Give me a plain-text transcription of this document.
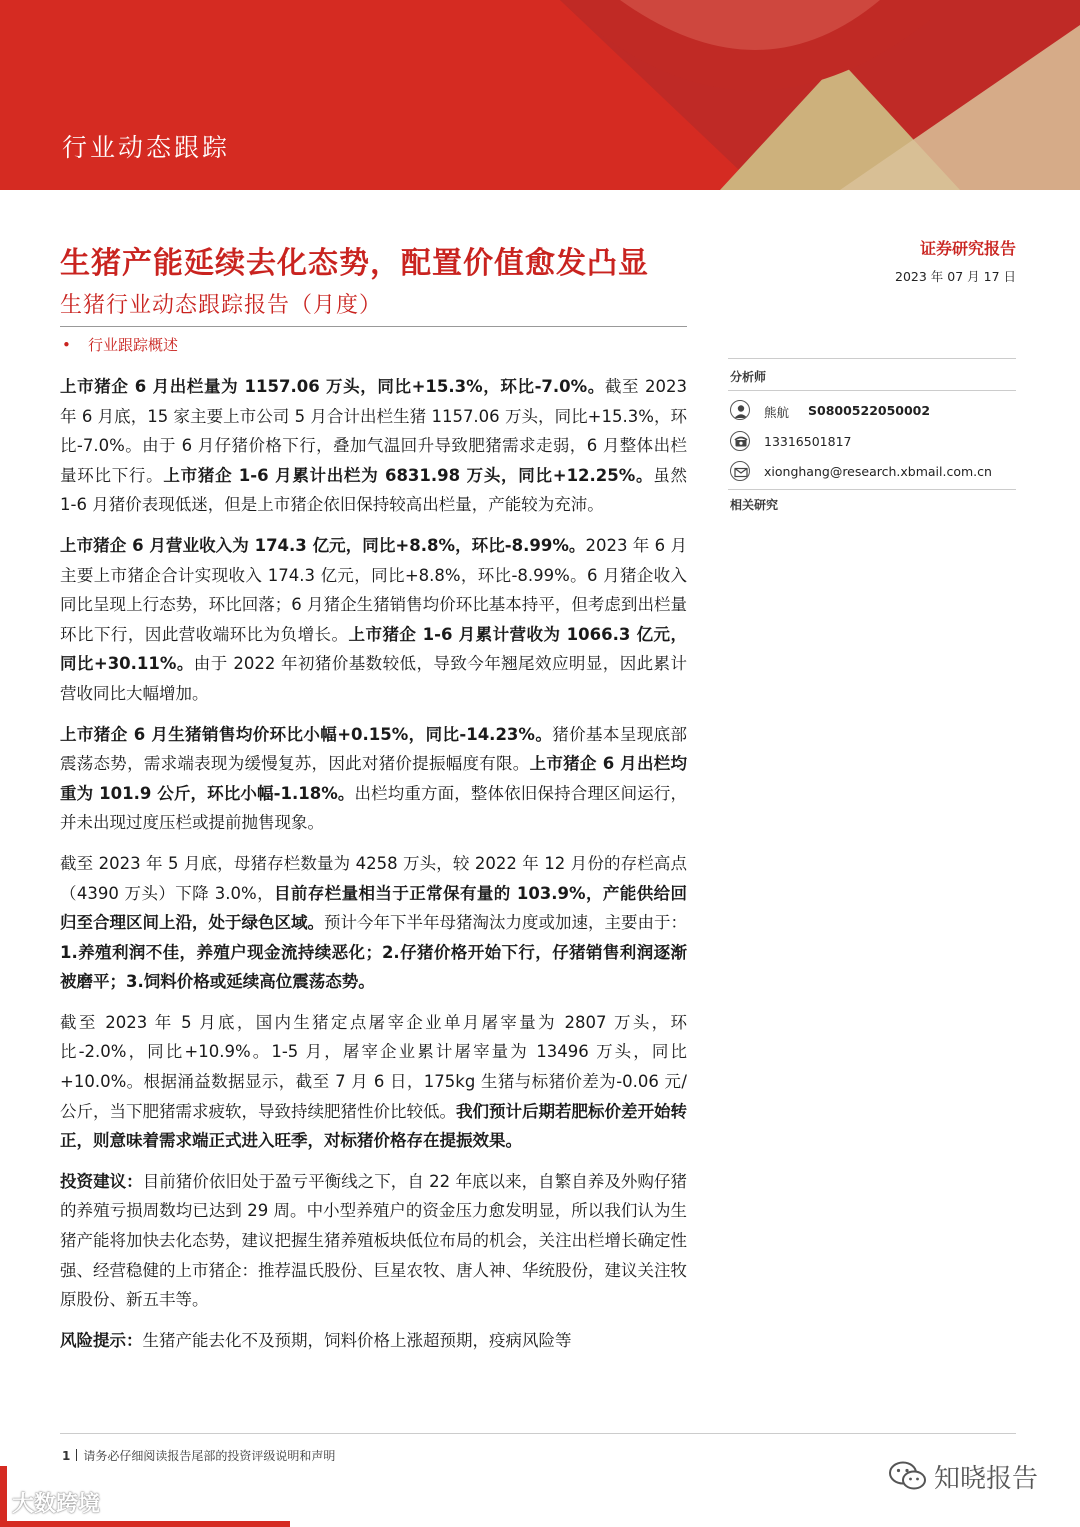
行业动态跟踪
生猪产能延续去化态势，配置价值愈发凸显
生猪行业动态跟踪报告（月度）
• 行业跟踪概述
证券研究报告
2023 年 07 月 17 日

上市猪企 6 月出栏量为 1157.06 万头，同比+15.3%，环比-7.0%。截至 2023 年 6 月底，15 家主要上市公司 5 月合计出栏生猪 1157.06 万头，同比+15.3%，环比-7.0%。由于 6 月仔猪价格下行，叠加气温回升导致肥猪需求走弱，6 月整体出栏量环比下行。上市猪企 1-6 月累计出栏为 6831.98 万头，同比+12.25%。虽然 1-6 月猪价表现低迷，但是上市猪企依旧保持较高出栏量，产能较为充沛。

上市猪企 6 月营业收入为 174.3 亿元，同比+8.8%，环比-8.99%。2023 年 6 月主要上市猪企合计实现收入 174.3 亿元，同比+8.8%，环比-8.99%。6 月猪企收入同比呈现上行态势，环比回落；6 月猪企生猪销售均价环比基本持平，但考虑到出栏量环比下行，因此营收端环比为负增长。上市猪企 1-6 月累计营收为 1066.3 亿元，同比+30.11%。由于 2022 年初猪价基数较低，导致今年翘尾效应明显，因此累计营收同比大幅增加。

上市猪企 6 月生猪销售均价环比小幅+0.15%，同比-14.23%。猪价基本呈现底部震荡态势，需求端表现为缓慢复苏，因此对猪价提振幅度有限。上市猪企 6 月出栏均重为 101.9 公斤，环比小幅-1.18%。出栏均重方面，整体依旧保持合理区间运行，并未出现过度压栏或提前抛售现象。

截至 2023 年 5 月底，母猪存栏数量为 4258 万头，较 2022 年 12 月份的存栏高点（4390 万头）下降 3.0%，目前存栏量相当于正常保有量的 103.9%，产能供给回归至合理区间上沿，处于绿色区域。预计今年下半年母猪淘汰力度或加速，主要由于：1.养殖利润不佳，养殖户现金流持续恶化；2.仔猪价格开始下行，仔猪销售利润逐渐被磨平；3.饲料价格或延续高位震荡态势。

截至 2023 年 5 月底，国内生猪定点屠宰企业单月屠宰量为 2807 万头，环比-2.0%，同比+10.9%。1-5 月，屠宰企业累计屠宰量为 13496 万头，同比+10.0%。根据涌益数据显示，截至 7 月 6 日，175kg 生猪与标猪价差为-0.06 元/公斤，当下肥猪需求疲软，导致持续肥猪性价比较低。我们预计后期若肥标价差开始转正，则意味着需求端正式进入旺季，对标猪价格存在提振效果。

投资建议：目前猪价依旧处于盈亏平衡线之下，自 22 年底以来，自繁自养及外购仔猪的养殖亏损周数均已达到 29 周。中小型养殖户的资金压力愈发明显，所以我们认为生猪产能将加快去化态势，建议把握生猪养殖板块低位布局的机会，关注出栏增长确定性强、经营稳健的上市猪企：推荐温氏股份、巨星农牧、唐人神、华统股份，建议关注牧原股份、新五丰等。

风险提示：生猪产能去化不及预期，饲料价格上涨超预期，疫病风险等

分析师
熊航 S0800522050002
13316501817
xionghang@research.xbmail.com.cn
相关研究
1 请务必仔细阅读报告尾部的投资评级说明和声明
大数跨境
知晓报告
